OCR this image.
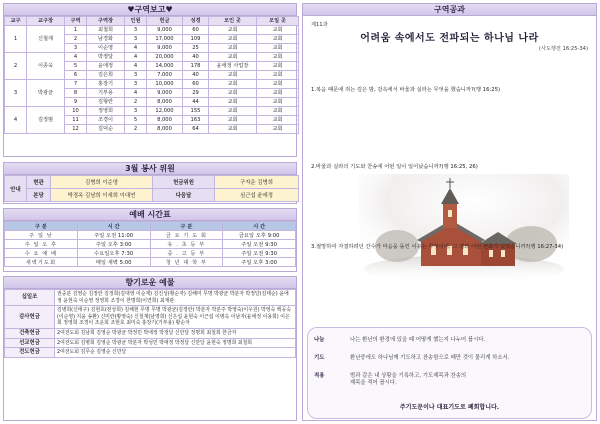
♥구역보고♥
교구	교구장	구역	구역장	인원	헌금	성경	모인 곳	모일 곳
1	신철재	1	최철희	3	9,000	60	교회	교회
		2	남경화	3	17,000	109	교회	교회
		3	이순영	4	9,000	25	교회	교회
2	이종욱	4	박정달	4	20,000	40	교회	교회
		5	윤애정	4	14,000	178	윤애정 사업장	교회
		6	김은희	3	7,000	40	교회	교회
3	박광균	7	홍장기	3	10,000	60	교회	교회
		8	기부용	4	9,000	29	교회	교회
		9	김형란	2	8,000	44	교회	교회
4	김정범	10	정영희	3	12,000	155	교회	교회
		11	조경이	5	8,000	163	교회	교회
		12	김덕순	2	8,000	64	교회	교회
3월 봉사 위원
안내	현관	김병희 이순영	헌금위원	구자운 김병희
	본당	박경옥 김남희 이세희 이대연	다음달	심근섭 윤애정
예배 시간표
구 분	시 간	구 분	시 간
주 일 낮	주일 오전 11:00	금 요 기 도 회	금요일 오후 9:00
주 일 오 후	주일 오후 3:00	유 . 초 등 부	주일 오전 9:30
수 요 예 배	수요일오후 7:30	중 . 고 등 부	주일 오전 9:30
새벽기도회	매일 새벽 5:00	청 년 대 학 부	주일 오후 3:00
향기로운 예물
십일조	권중분 김영순 김정란 김정희(김대영 이순재) 김진성(황순자) 김해미 무명 박광균 박분자 박정달(김태순) 윤애정 윤현숙 이순영 정영희 조경이 한명희(이연희) 최재관
감사헌금	김병희(신태구) 김현호(천상희) 김해현 무명 무명 박광균(김정란) 박분자 박분주 박영숙(이우원) 박영숙 백공숙(이순영) 지윤 송환) 신미란(황영숙) 신철재(남영희) 신은섭 윤현숙 이근섭 이병옥 이남자(윤애정 이용희) 이은희 정영희 조경이 조운희 조현호 최미숙 홍장기(기부용) 황순자
건축헌금	2여전도회 김남희 김영순 박광균 박정민 박애정 박정달 신만달 정명희 최철희 한금자
선교헌금	2여전도회 김병희 김영순 박광균 박분자 박성민 박애정 박정달 신만달 윤현숙 정명희 최철희
전도헌금	2여전도회 김무순 김영순 신만달
구역공과
제11과
어려움 속에서도 전파되는 하나님 나라
(사도행전 16:25-34)
1.복음 때문에 쥐는 깊은 밤, 감옥에서 바울과 실라는 무엇을 했습니까?(행 16:25)
2.바울과 실라의 기도와 찬송에 어떤 일이 일어났습니까?(행 16:25, 26)
3.절망하여 자결하려던 간수가 마음을 돌린 이유는 무엇이며, 그 결과 어떤 변화가 있었습니까?(행 16:27-34)
나눔	나는 환난의 환경에 있을 때 어떻게 했는지 나누어 봅시다.
기도	환난중에도 하나님께 기도하고 찬송함으로 때만 것이 물리게 하소서.
적용	범과 같은 내 상황을 기록하고, 기도제목과 찬송의 제목을 적어 봅시다.
주기도문이나 대표기도로 폐회합니다.
